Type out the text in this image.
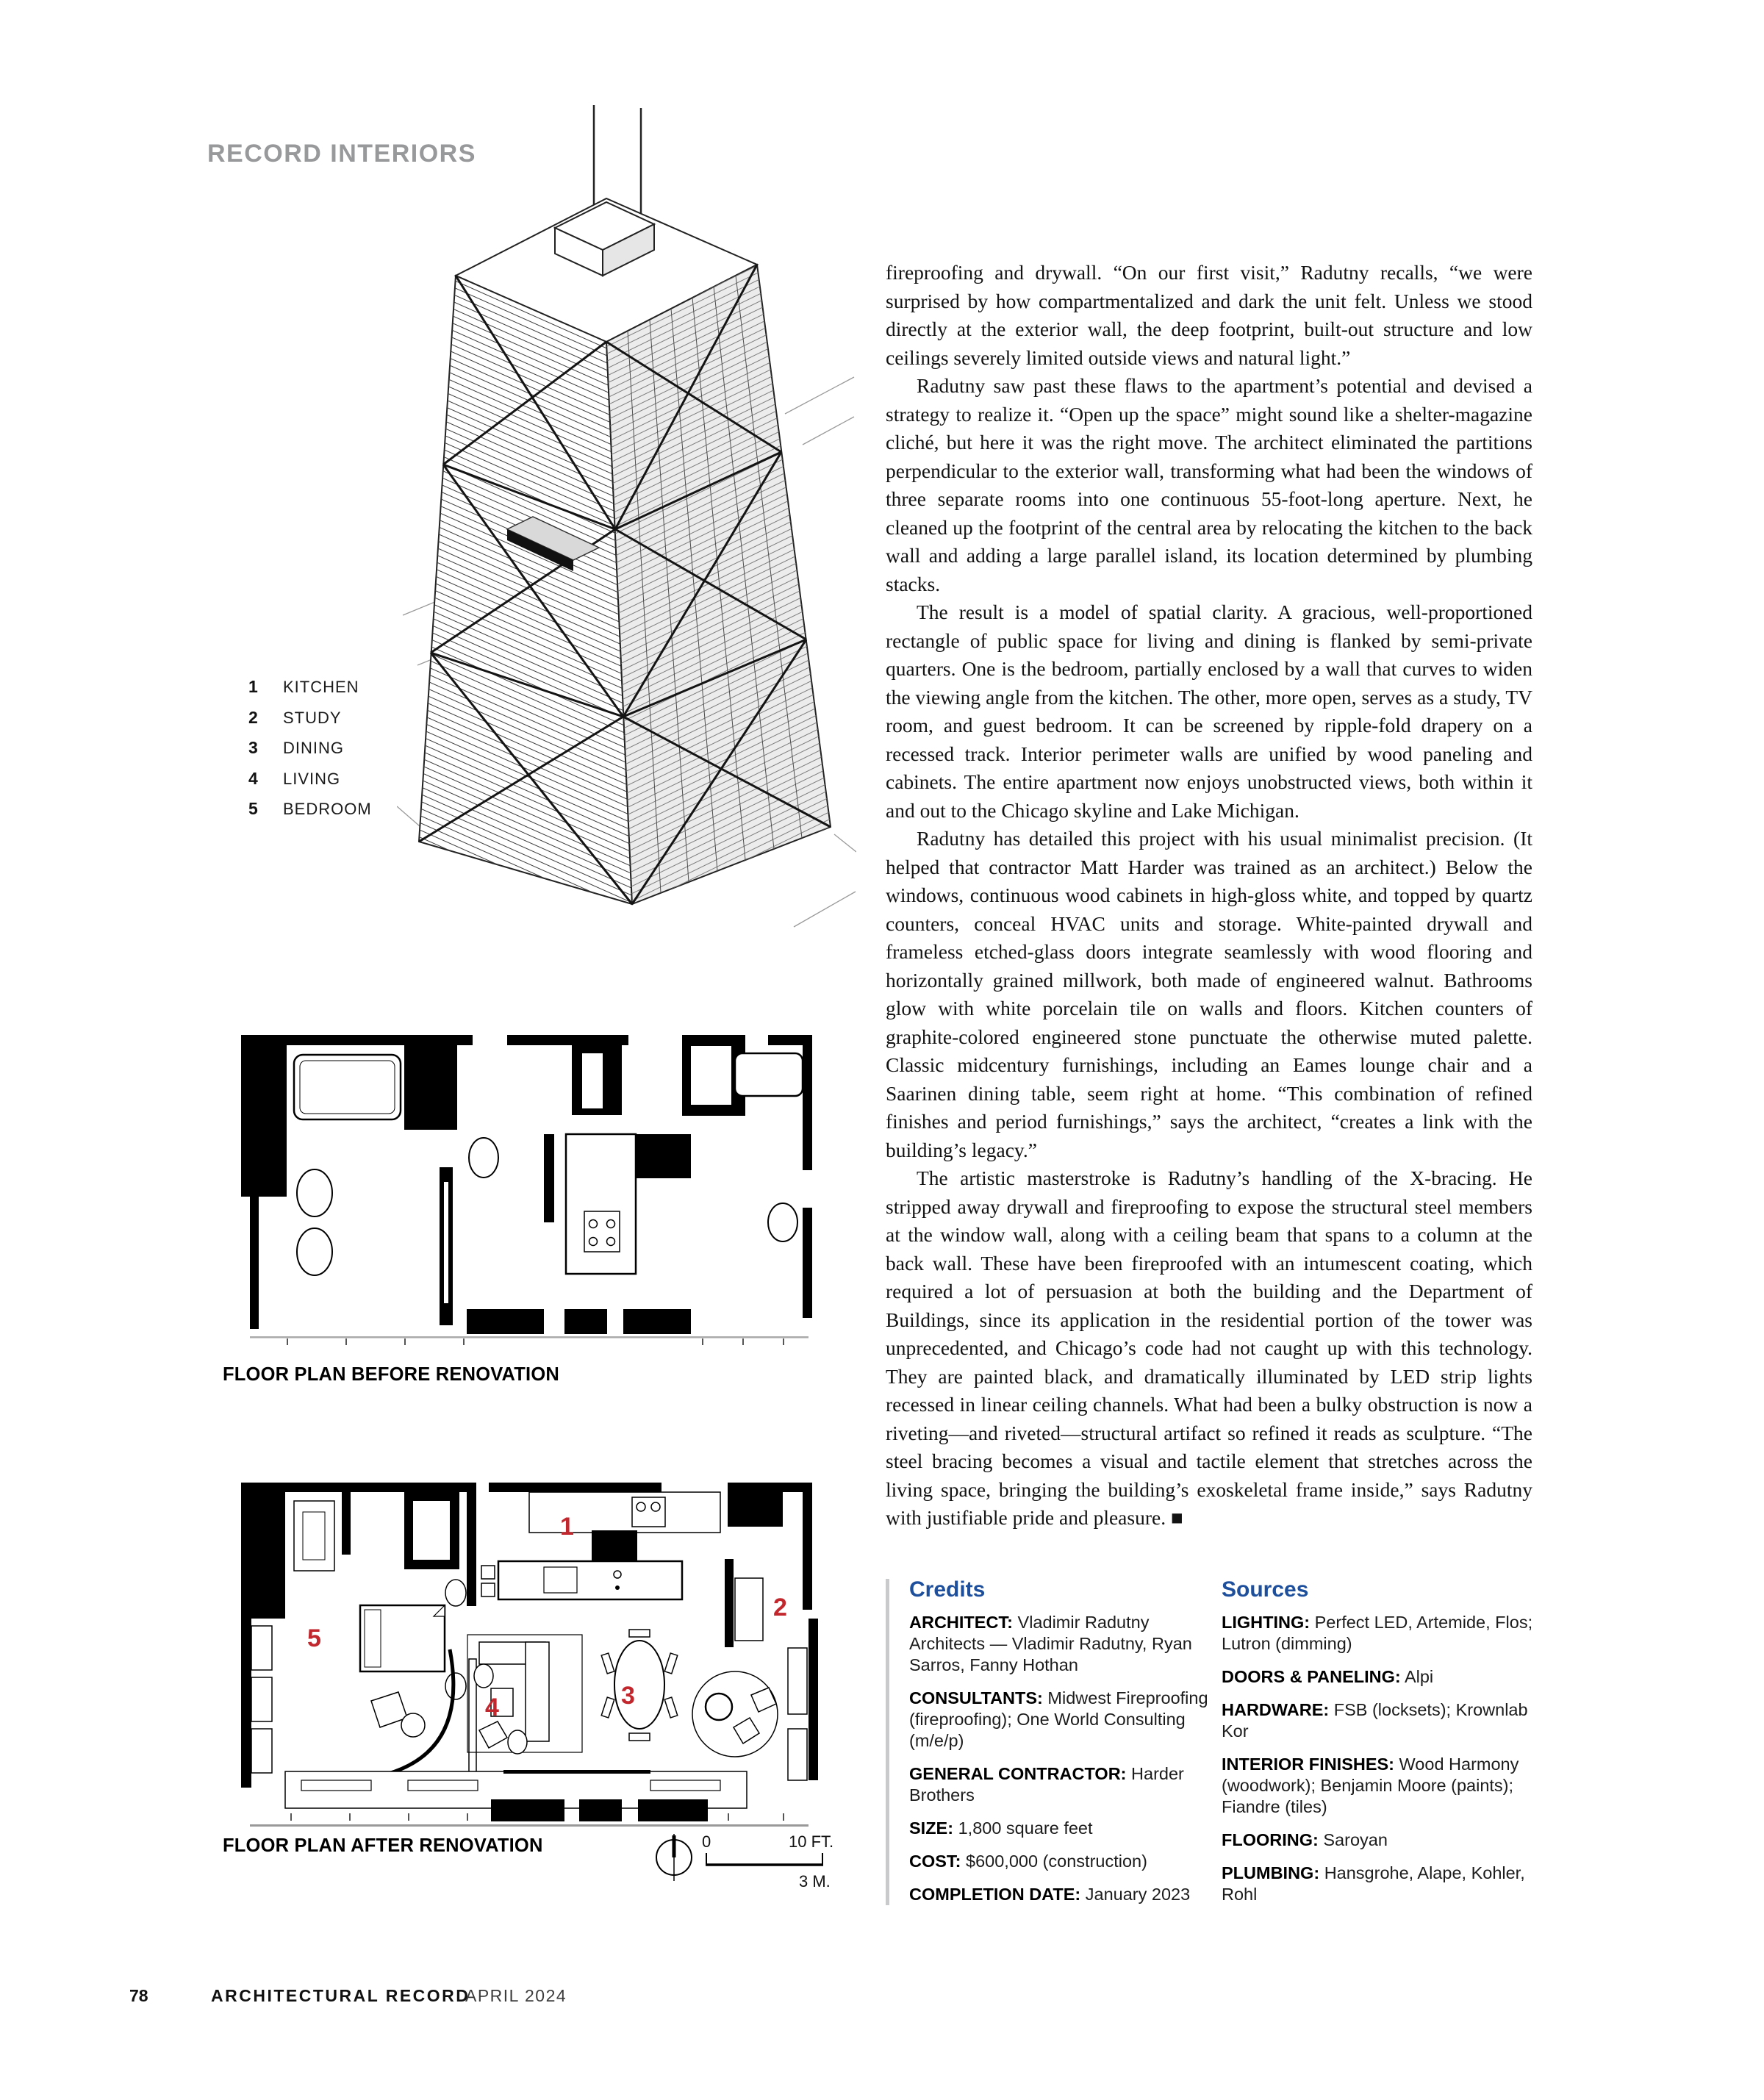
RECORD INTERIORS
1	KITCHEN
2	STUDY
3	DINING
4	LIVING
5	BEDROOM

fireproofing and drywall. “On our first visit,” Radutny recalls, “we were surprised by how compartmentalized and dark the unit felt. Unless we stood directly at the exterior wall, the deep footprint, built-out structure and low ceilings severely limited outside views and natural light.”

Radutny saw past these flaws to the apartment’s potential and devised a strategy to realize it. “Open up the space” might sound like a shelter-magazine cliché, but here it was the right move. The architect eliminated the partitions perpendicular to the exterior wall, transforming what had been the windows of three separate rooms into one continuous 55-foot-long aperture. Next, he cleaned up the footprint of the central area by relocating the kitchen to the back wall and adding a large parallel island, its location determined by plumbing stacks.

The result is a model of spatial clarity. A gracious, well-proportioned rectangle of public space for living and dining is flanked by semi-private quarters. One is the bedroom, partially enclosed by a wall that curves to widen the viewing angle from the kitchen. The other, more open, serves as a study, TV room, and guest bedroom. It can be screened by ripple-fold drapery on a recessed track. Interior perimeter walls are unified by wood paneling and cabinets. The entire apartment now enjoys unobstructed views, both within it and out to the Chicago skyline and Lake Michigan.

Radutny has detailed this project with his usual minimalist precision. (It helped that contractor Matt Harder was trained as an architect.) Below the windows, continuous wood cabinets in high-gloss white, and topped by quartz counters, conceal HVAC units and storage. White-painted drywall and frameless etched-glass doors integrate seamlessly with wood flooring and horizontally grained millwork, both made of engineered walnut. Bathrooms glow with white porcelain tile on walls and floors. Kitchen counters of graphite-colored engineered stone punctuate the otherwise muted palette. Classic midcentury furnishings, including an Eames lounge chair and a Saarinen dining table, seem right at home. “This combination of refined finishes and period furnishings,” says the architect, “creates a link with the building’s legacy.”

The artistic masterstroke is Radutny’s handling of the X-bracing. He stripped away drywall and fireproofing to expose the structural steel members at the window wall, along with a ceiling beam that spans to a column at the back wall. These have been fireproofed with an intumescent coating, which required a lot of persuasion at both the building and the Department of Buildings, since its application in the residential portion of the tower was unprecedented, and Chicago’s code had not caught up with this technology. They are painted black, and dramatically illuminated by LED strip lights recessed in linear ceiling channels. What had been a bulky obstruction is now a riveting—and riveted—structural artifact so refined it reads as sculpture. “The steel bracing becomes a visual and tactile element that stretches across the living space, bringing the building’s exoskeletal frame inside,” says Radutny with justifiable pride and pleasure. ■

FLOOR PLAN BEFORE RENOVATION
1
2
3
4
5
FLOOR PLAN AFTER RENOVATION	0	10 FT.
3 M.
Credits

ARCHITECT: Vladimir Radutny Architects — Vladimir Radutny, Ryan Sarros, Fanny Hothan

CONSULTANTS: Midwest Fireproofing (fireproofing); One World Consulting (m/e/p)

GENERAL CONTRACTOR: Harder Brothers

SIZE: 1,800 square feet

COST: $600,000 (construction)

COMPLETION DATE: January 2023

Sources

LIGHTING: Perfect LED, Artemide, Flos; Lutron (dimming)

DOORS & PANELING: Alpi

HARDWARE: FSB (locksets); Krownlab Kor

INTERIOR FINISHES: Wood Harmony (woodwork); Benjamin Moore (paints); Fiandre (tiles)

FLOORING: Saroyan

PLUMBING: Hansgrohe, Alape, Kohler, Rohl

78	ARCHITECTURAL RECORD
APRIL 2024
